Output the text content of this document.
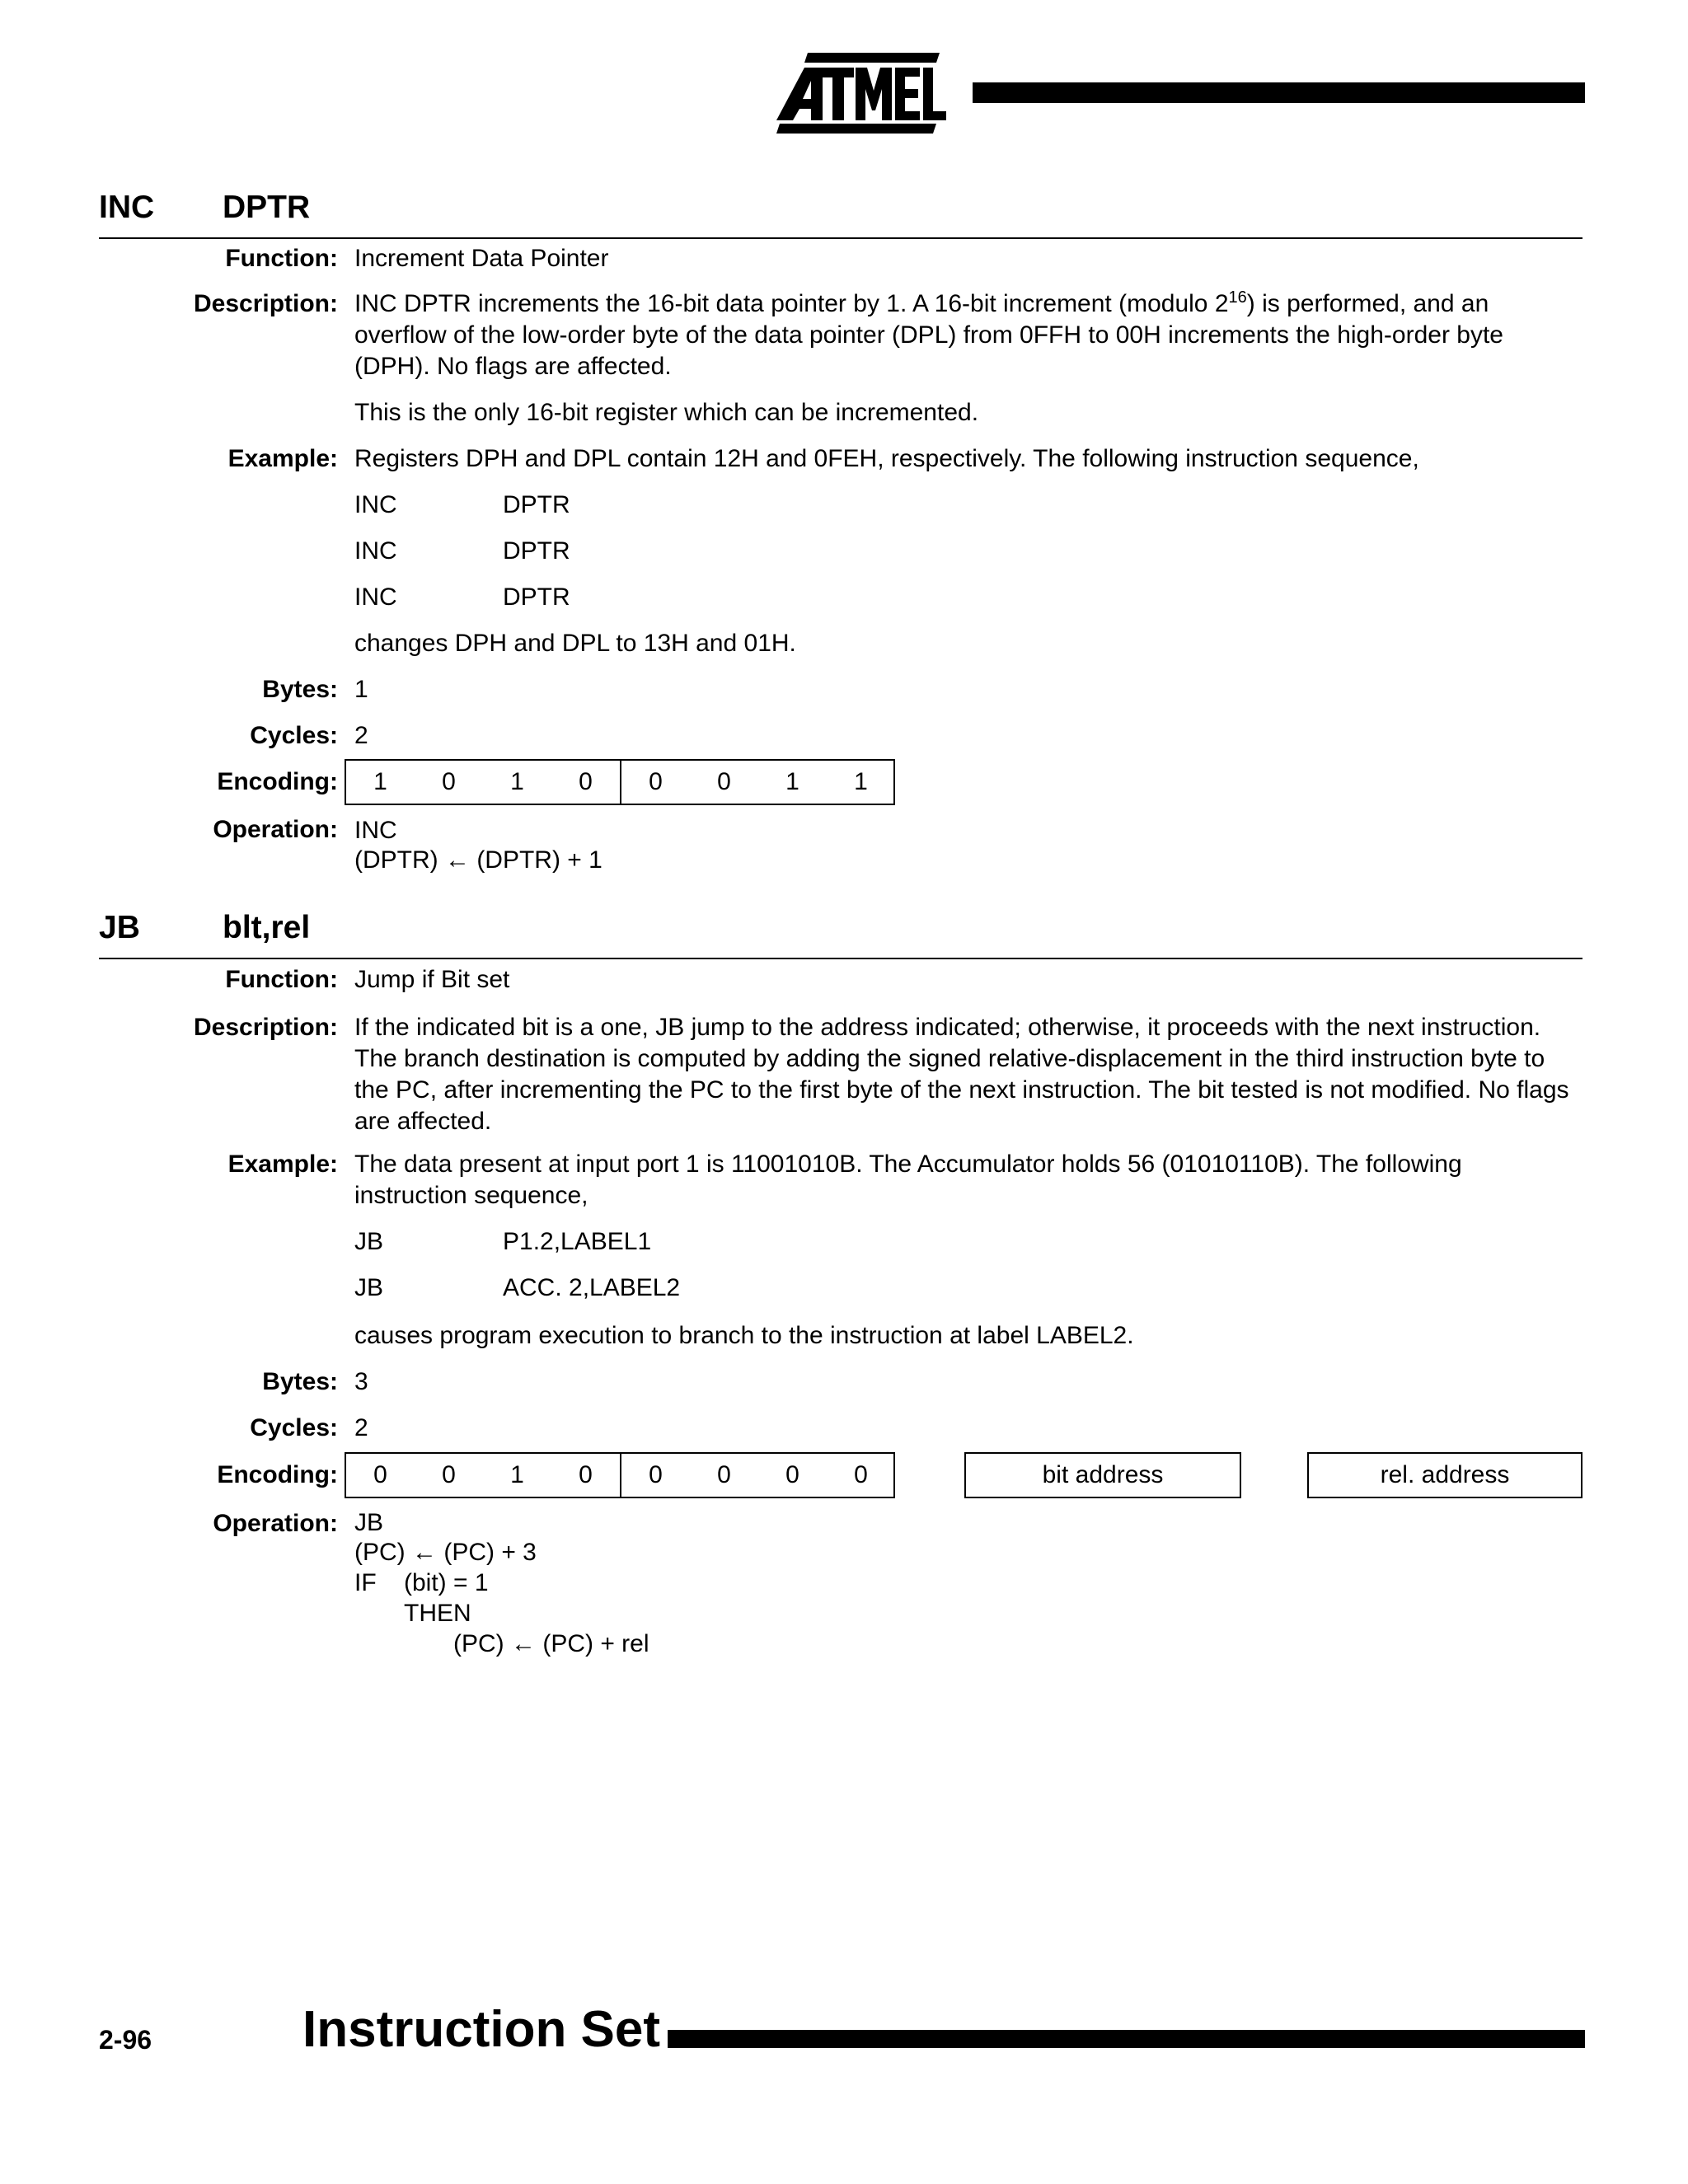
INC DPTR
Function: Increment Data Pointer
Description: INC DPTR increments the 16-bit data pointer by 1. A 16-bit increment (modulo $2^{16}$) is performed, and an overflow of the low-order byte of the data pointer (DPL) from 0FFH to 00H increments the high-order byte (DPH). No flags are affected.

This is the only 16-bit register which can be incremented.
Example: Registers DPH and DPL contain 12H and 0FEH, respectively. The following instruction sequence,
INC	DPTR
INC	DPTR
INC	DPTR
changes DPH and DPL to 13H and 01H.
Bytes: 1
Cycles: 2
Encoding:	1	0	1	0	0	0	1	1
Operation: INC
(DPTR) ← (DPTR) + 1
JB	blt,rel
Function: Jump if Bit set
Description: If the indicated bit is a one, JB jump to the address indicated; otherwise, it proceeds with the next instruction. The branch destination is computed by adding the signed relative-displacement in the third instruction byte to the PC, after incrementing the PC to the first byte of the next instruction. The bit tested is not modified. No flags are affected.
Example: The data present at input port 1 is 11001010B. The Accumulator holds 56 (01010110B). The following instruction sequence,
JB	P1.2,LABEL1
JB	ACC. 2,LABEL2
causes program execution to branch to the instruction at label LABEL2.
Bytes: 3
Cycles: 2
Encoding:	0	0	1	0	0	0	0	0	bit address	rel. address
Operation: JB
(PC) ← (PC) + 3
IF (bit) = 1
THEN
(PC) ← (PC) + rel
2-96	Instruction Set
